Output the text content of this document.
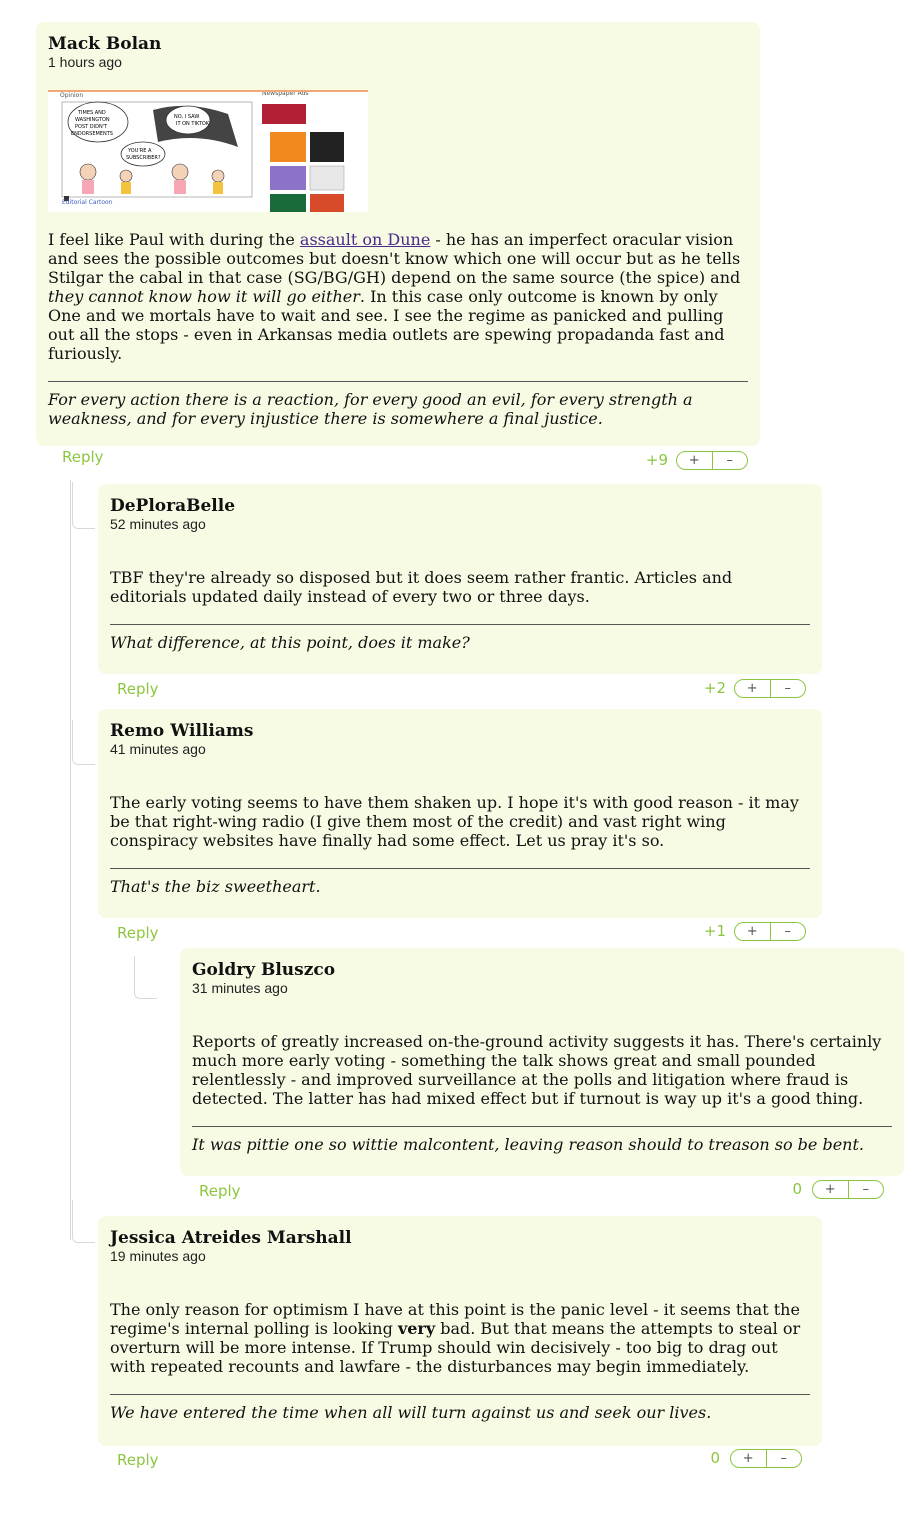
Mack Bolan
1 hours ago
Opinion	Newspaper Ads
TIMES AND
WASHINGTON
POST DIDN'T
ENDORSEMENTS
NO, I SAW
IT ON TIKTOK
YOU'RE A
SUBSCRIBER?
Editorial Cartoon
I feel like Paul with during the assault on Dune - he has an imperfect oracular vision and sees the possible outcomes but doesn't know which one will occur but as he tells Stilgar the cabal in that case (SG/BG/GH) depend on the same source (the spice) and they cannot know how it will go either. In this case only outcome is known by only One and we mortals have to wait and see. I see the regime as panicked and pulling out all the stops - even in Arkansas media outlets are spewing propadanda fast and furiously.
For every action there is a reaction, for every good an evil, for every strength a weakness, and for every injustice there is somewhere a final justice.
Reply	+9	+	–
DePloraBelle
52 minutes ago
TBF they're already so disposed but it does seem rather frantic. Articles and editorials updated daily instead of every two or three days.
What difference, at this point, does it make?
Reply	+2	+	–
Remo Williams
41 minutes ago
The early voting seems to have them shaken up. I hope it's with good reason - it may be that right-wing radio (I give them most of the credit) and vast right wing conspiracy websites have finally had some effect. Let us pray it's so.
That's the biz sweetheart.
Reply	+1	+	–
Goldry Bluszco
31 minutes ago
Reports of greatly increased on-the-ground activity suggests it has. There's certainly much more early voting - something the talk shows great and small pounded relentlessly - and improved surveillance at the polls and litigation where fraud is detected. The latter has had mixed effect but if turnout is way up it's a good thing.
It was pittie one so wittie malcontent, leaving reason should to treason so be bent.
Reply	0	+	–
Jessica Atreides Marshall
19 minutes ago
The only reason for optimism I have at this point is the panic level - it seems that the regime's internal polling is looking very bad. But that means the attempts to steal or overturn will be more intense. If Trump should win decisively - too big to drag out with repeated recounts and lawfare - the disturbances may begin immediately.
We have entered the time when all will turn against us and seek our lives.
Reply	0	+	–
